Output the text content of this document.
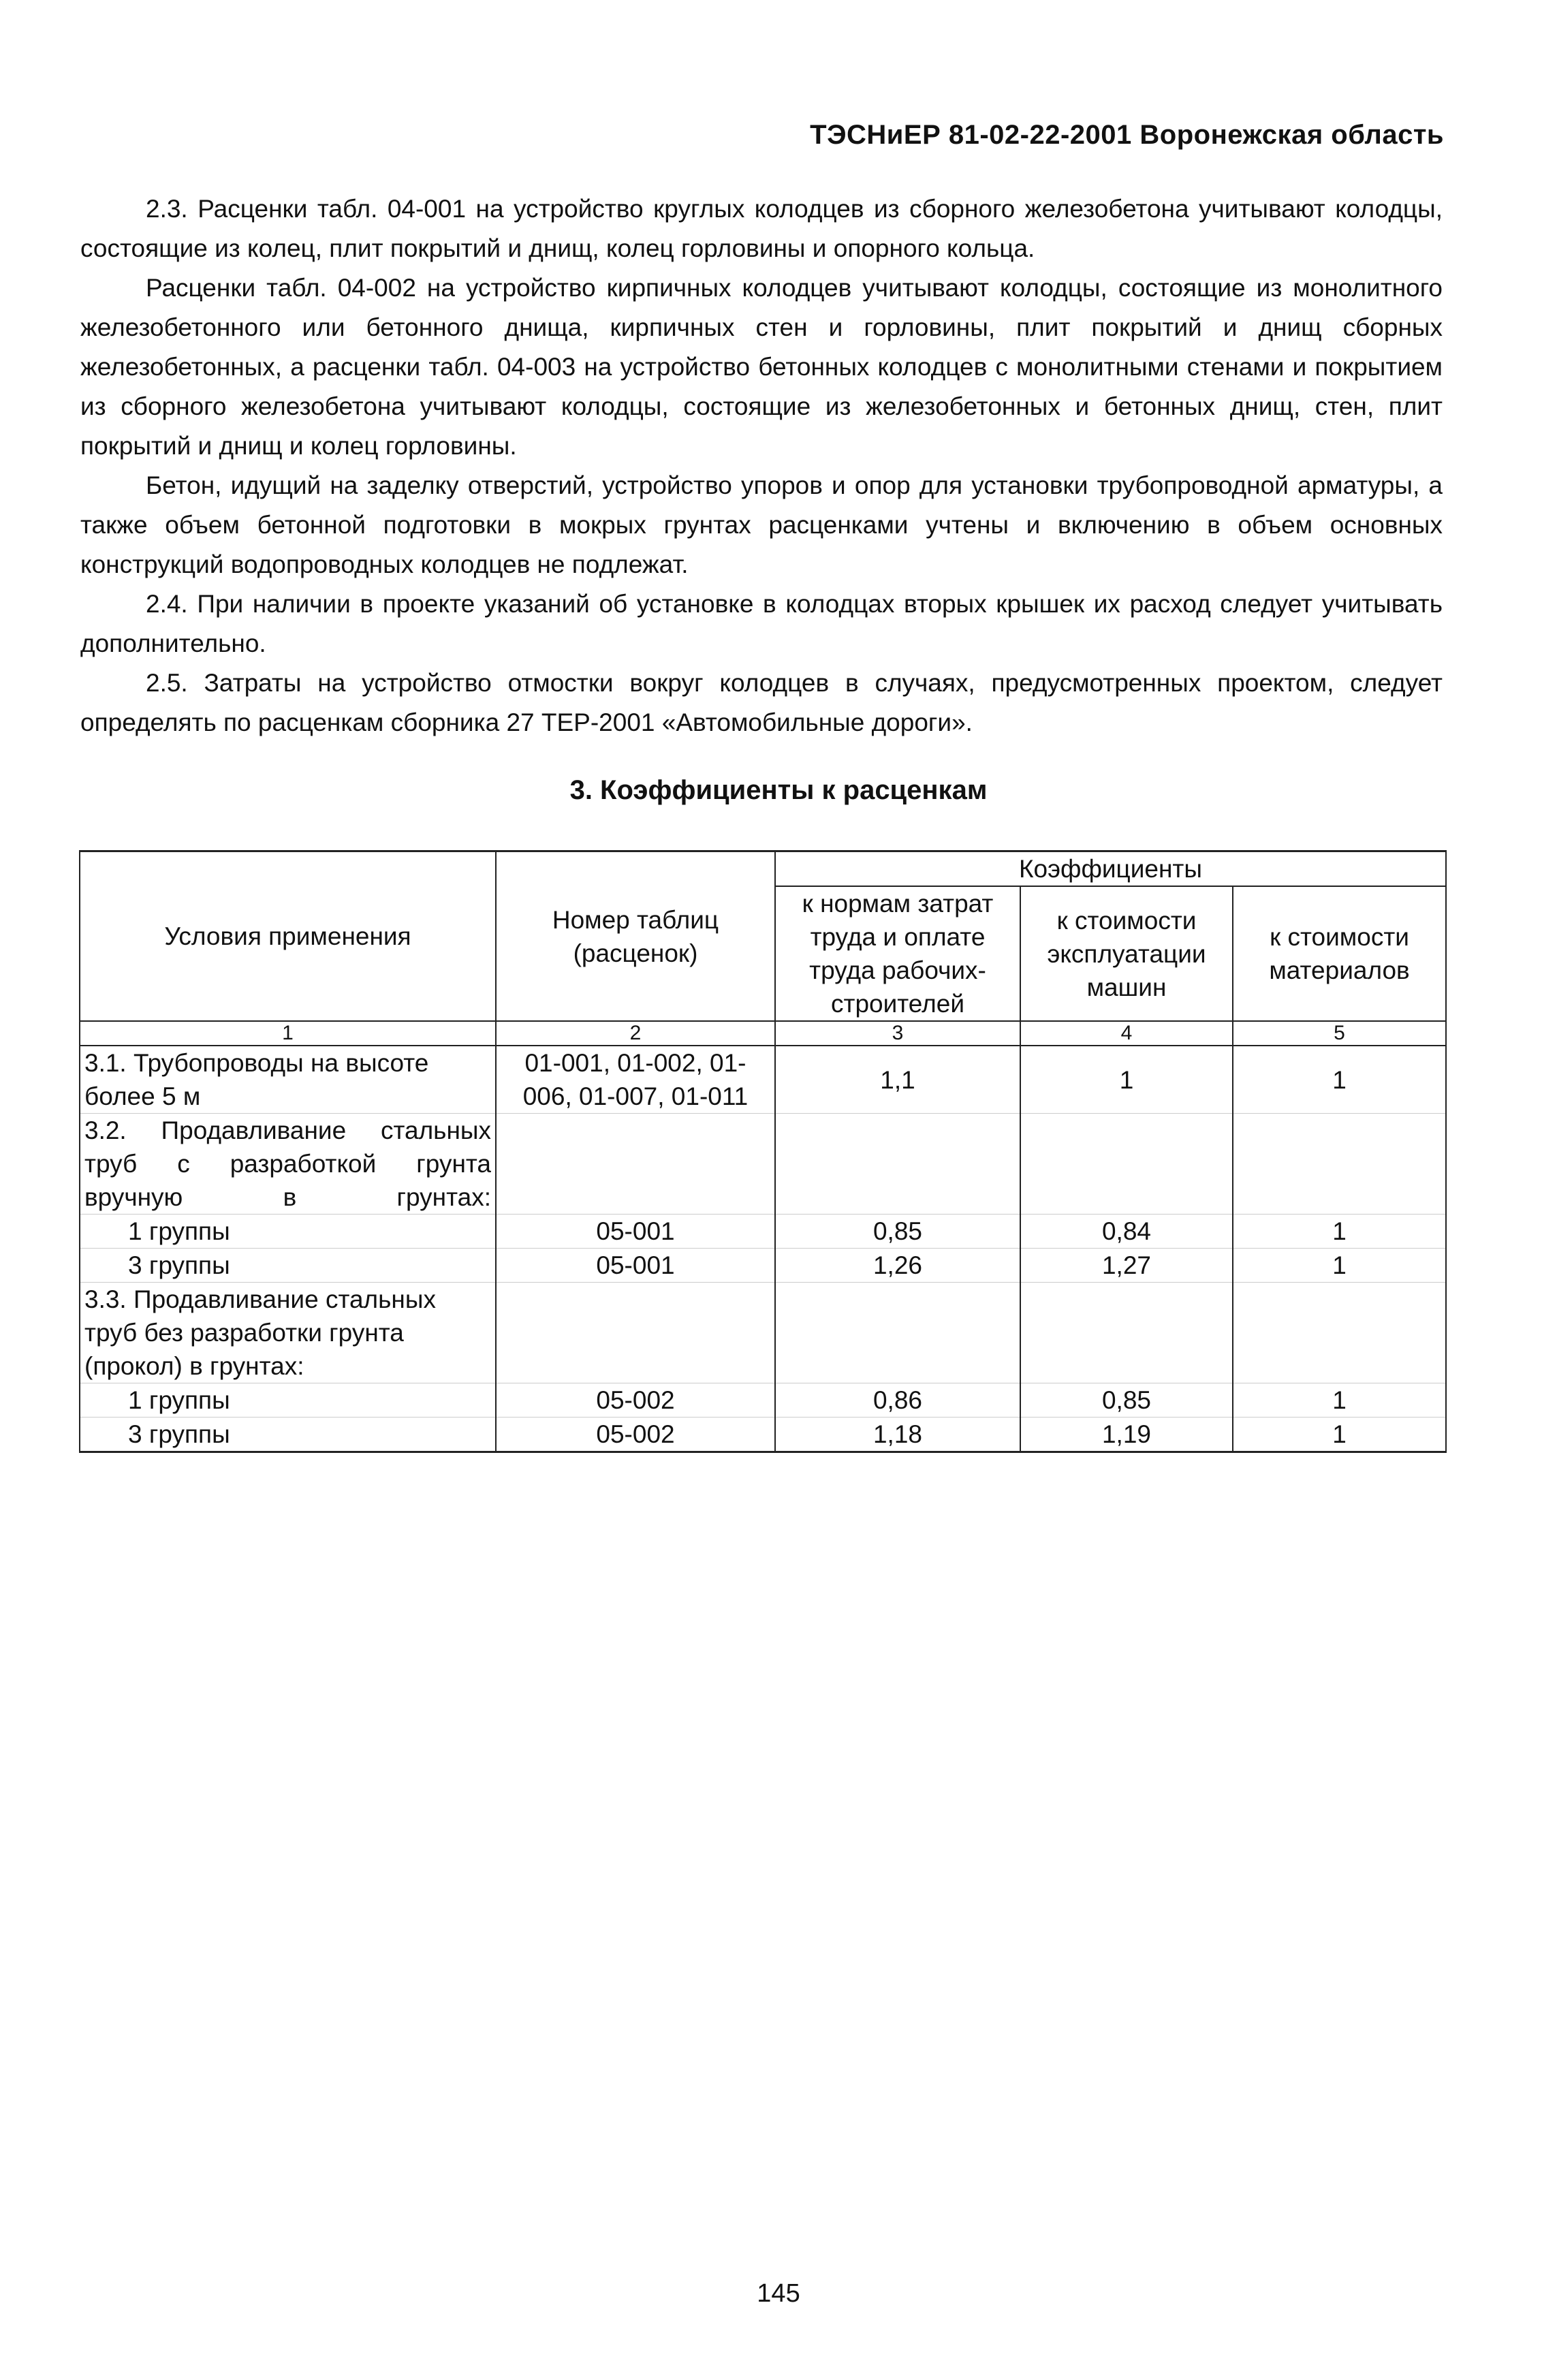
ТЭСНиЕР 81-02-22-2001 Воронежская область

2.3. Расценки табл. 04-001 на устройство круглых колодцев из сборного железобетона учитывают колодцы, состоящие из колец, плит покрытий и днищ, колец горловины и опорного кольца.

Расценки табл. 04-002 на устройство кирпичных колодцев учитывают колодцы, состоящие из монолитного железобетонного или бетонного днища, кирпичных стен и горловины, плит покрытий и днищ сборных железобетонных, а расценки табл. 04-003 на устройство бетонных колодцев с монолитными стенами и покрытием из сборного железобетона учитывают колодцы, состоящие из железобетонных и бетонных днищ, стен, плит покрытий и днищ и колец горловины.

Бетон, идущий на заделку отверстий, устройство упоров и опор для установки трубопроводной арматуры, а также объем бетонной подготовки в мокрых грунтах расценками учтены и включению в объем основных конструкций водопроводных колодцев не подлежат.

2.4. При наличии в проекте указаний об установке в колодцах вторых крышек их расход следует учитывать дополнительно.

2.5. Затраты на устройство отмостки вокруг колодцев в случаях, предусмотренных проектом, следует определять по расценкам сборника 27 ТЕР-2001 «Автомобильные дороги».

3. Коэффициенты к расценкам
Условия применения	Номер таблиц (расценок)	Коэффициенты		
		к нормам затрат труда и оплате труда рабочих-строителей	к стоимости эксплуатации машин	к стоимости материалов
1	2	3	4	5
3.1. Трубопроводы на высоте более 5 м	01-001, 01-002, 01-006, 01-007, 01-011	1,1	1	1
3.2. Продавливание стальных труб с разработкой грунта вручную в грунтах:				
1 группы	05-001	0,85	0,84	1
3 группы	05-001	1,26	1,27	1
3.3. Продавливание стальных труб без разработки грунта (прокол) в грунтах:				
1 группы	05-002	0,86	0,85	1
3 группы	05-002	1,18	1,19	1
145
